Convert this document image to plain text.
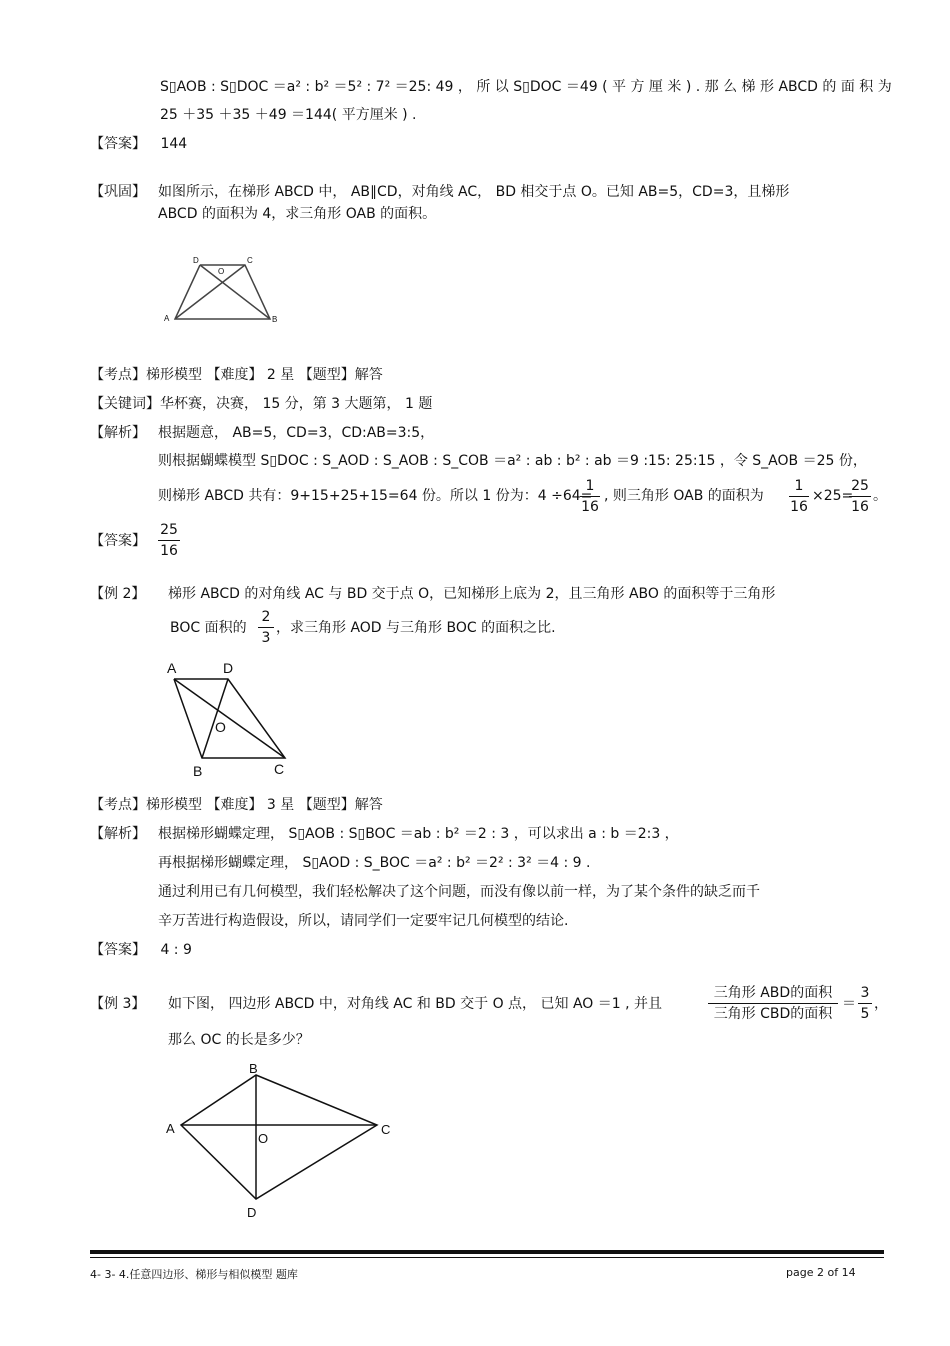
S▯AOB : S▯DOC ＝a² : b² ＝5² : 7² ＝25: 49 ， 所 以 S▯DOC ＝49 ( 平 方 厘 米 ) . 那 么 梯 形 ABCD 的 面 积 为
25 ＋35 ＋35 ＋49 ＝144( 平方厘米 ) .
【答案】 144
【巩固】 如图所示，在梯形 ABCD 中， AB∥CD，对角线 AC， BD 相交于点 O。已知 AB=5，CD=3，且梯形
ABCD 的面积为 4，求三角形 OAB 的面积。
D	C
O
A	B
【考点】梯形模型 【难度】 2 星 【题型】解答
【关键词】华杯赛，决赛， 15 分，第 3 大题第， 1 题
【解析】 根据题意， AB=5，CD=3，CD:AB=3:5，
则根据蝴蝶模型 S▯DOC : S_AOD : S_AOB : S_COB ＝a² : ab : b² : ab ＝9 :15: 25:15 ，令 S_AOB ＝25 份，
则梯形 ABCD 共有：9+15+25+15=64 份。所以 1 份为：4 ÷64=
1
16
, 则三角形 OAB 的面积为
1
16
×25=
25
16
。
【答案】
25
16
【例 2】 梯形 ABCD 的对角线 AC 与 BD 交于点 O，已知梯形上底为 2，且三角形 ABO 的面积等于三角形
BOC 面积的
2
3
，求三角形 AOD 与三角形 BOC 的面积之比.
A	D
O
B	C
【考点】梯形模型 【难度】 3 星 【题型】解答
【解析】 根据梯形蝴蝶定理， S▯AOB : S▯BOC ＝ab : b² ＝2 : 3 ，可以求出 a : b ＝2:3 ，
再根据梯形蝴蝶定理， S▯AOD : S_BOC ＝a² : b² ＝2² : 3² ＝4 : 9 .
通过利用已有几何模型，我们轻松解决了这个问题，而没有像以前一样，为了某个条件的缺乏而千
辛万苦进行构造假设，所以，请同学们一定要牢记几何模型的结论.
【答案】 4 : 9
【例 3】 如下图， 四边形 ABCD 中，对角线 AC 和 BD 交于 O 点， 已知 AO ＝1 , 并且
三角形 ABD的面积
三角形 CBD的面积
＝
3
5
，
那么 OC 的长是多少？
B
A
O
C
D
4- 3- 4.任意四边形、梯形与相似模型 题库	page 2 of 14
